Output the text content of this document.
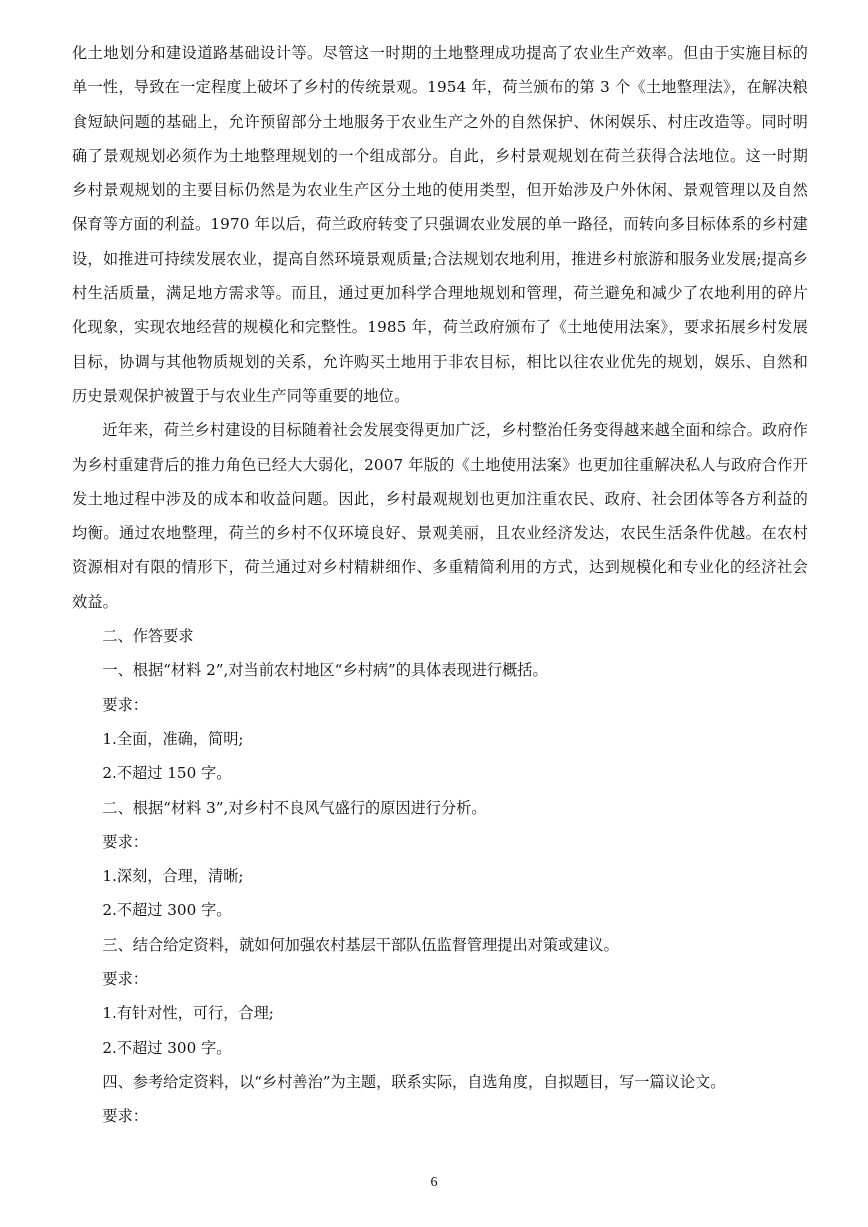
化土地划分和建设道路基础设计等。尽管这一时期的土地整理成功提高了农业生产效率。但由于实施目标的单一性，导致在一定程度上破坏了乡村的传统景观。1954 年，荷兰颁布的第 3 个《土地整理法》，在解决粮食短缺问题的基础上，允许预留部分土地服务于农业生产之外的自然保护、休闲娱乐、村庄改造等。同时明确了景观规划必须作为土地整理规划的一个组成部分。自此，乡村景观规划在荷兰获得合法地位。这一时期乡村景观规划的主要目标仍然是为农业生产区分土地的使用类型，但开始涉及户外休闲、景观管理以及自然保育等方面的利益。1970 年以后，荷兰政府转变了只强调农业发展的单一路径，而转向多目标体系的乡村建设，如推进可持续发展农业，提高自然环境景观质量;合法规划农地利用，推进乡村旅游和服务业发展;提高乡村生活质量，满足地方需求等。而且，通过更加科学合理地规划和管理，荷兰避免和减少了农地利用的碎片化现象，实现农地经营的规模化和完整性。1985 年，荷兰政府颁布了《土地使用法案》，要求拓展乡村发展目标，协调与其他物质规划的关系，允许购买土地用于非农目标，相比以往农业优先的规划，娱乐、自然和历史景观保护被置于与农业生产同等重要的地位。

近年来，荷兰乡村建设的目标随着社会发展变得更加广泛，乡村整治任务变得越来越全面和综合。政府作为乡村重建背后的推力角色已经大大弱化，2007 年版的《土地使用法案》也更加往重解决私人与政府合作开发土地过程中涉及的成本和收益问题。因此，乡村最观规划也更加注重农民、政府、社会团体等各方利益的均衡。通过农地整理，荷兰的乡村不仅环境良好、景观美丽，且农业经济发达，农民生活条件优越。在农村资源相对有限的情形下，荷兰通过对乡村精耕细作、多重精简利用的方式，达到规模化和专业化的经济社会效益。

二、作答要求

一、根据“材料 2”,对当前农村地区“乡村病”的具体表现进行概括。

要求：

1.全面，准确，简明;

2.不超过 150 字。

二、根据“材料 3”,对乡村不良风气盛行的原因进行分析。

要求：

1.深刻，合理，清晰;

2.不超过 300 字。

三、结合给定资料，就如何加强农村基层干部队伍监督管理提出对策或建议。

要求：

1.有针对性，可行，合理;

2.不超过 300 字。

四、参考给定资料，以“乡村善治”为主题，联系实际，自选角度，自拟题目，写一篇议论文。

要求：

6
